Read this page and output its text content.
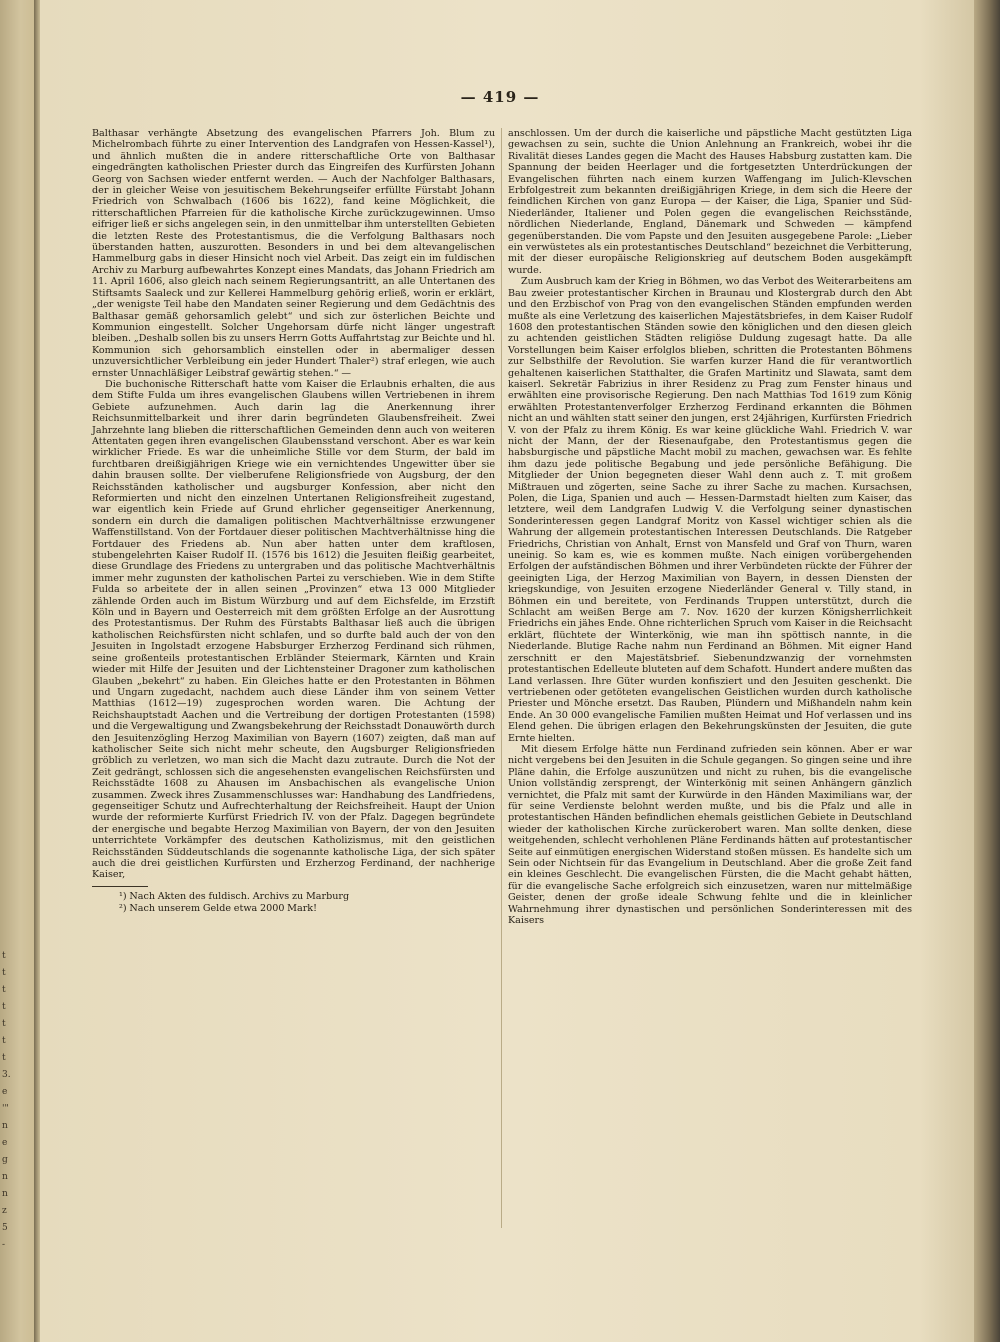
t
t
t
t
t
t
t
3.
e
'"
n
e
g
n
n
z
5
-
— 419 —

Balthasar verhängte Absetzung des evangelischen Pfarrers Joh. Blum zu Michelrombach führte zu einer Intervention des Landgrafen von Hessen-Kassel¹), und ähnlich mußten die in andere ritterschaftliche Orte von Balthasar eingedrängten katholischen Priester durch das Eingreifen des Kurfürsten Johann Georg von Sachsen wieder entfernt werden. — Auch der Nachfolger Balthasars, der in gleicher Weise von jesuitischem Bekehrungseifer erfüllte Fürstabt Johann Friedrich von Schwalbach (1606 bis 1622), fand keine Möglichkeit, die ritterschaftlichen Pfarreien für die katholische Kirche zurückzugewinnen. Umso eifriger ließ er sichs angelegen sein, in den unmittelbar ihm unterstellten Gebieten die letzten Reste des Protestantismus, die die Verfolgung Balthasars noch überstanden hatten, auszurotten. Besonders in und bei dem altevangelischen Hammelburg gabs in dieser Hinsicht noch viel Arbeit. Das zeigt ein im fuldischen Archiv zu Marburg aufbewahrtes Konzept eines Mandats, das Johann Friedrich am 11. April 1606, also gleich nach seinem Regierungsantritt, an alle Untertanen des Stiftsamts Saaleck und zur Kellerei Hammelburg gehörig erließ, worin er erklärt, „der wenigste Teil habe den Mandaten seiner Regierung und dem Gedächtnis des Balthasar gemäß gehorsamlich gelebt“ und sich zur österlichen Beichte und Kommunion eingestellt. Solcher Ungehorsam dürfe nicht länger ungestraft bleiben. „Deshalb sollen bis zu unsers Herrn Gotts Auffahrtstag zur Beichte und hl. Kommunion sich gehorsamblich einstellen oder in abermaliger dessen unzuversichtlicher Verbleibung ein jeder Hundert Thaler²) straf erlegen, wie auch ernster Unnachläßiger Leibstraf gewärtig stehen.“ —

Die buchonische Ritterschaft hatte vom Kaiser die Erlaubnis erhalten, die aus dem Stifte Fulda um ihres evangelischen Glaubens willen Vertriebenen in ihrem Gebiete aufzunehmen. Auch darin lag die Anerkennung ihrer Reichsunmittelbarkeit und ihrer darin begründeten Glaubensfreiheit. Zwei Jahrzehnte lang blieben die ritterschaftlichen Gemeinden denn auch von weiteren Attentaten gegen ihren evangelischen Glaubensstand verschont. Aber es war kein wirklicher Friede. Es war die unheimliche Stille vor dem Sturm, der bald im furchtbaren dreißigjährigen Kriege wie ein vernichtendes Ungewitter über sie dahin brausen sollte. Der vielberufene Religionsfriede von Augsburg, der den Reichsständen katholischer und augsburger Konfession, aber nicht den Reformierten und nicht den einzelnen Untertanen Religionsfreiheit zugestand, war eigentlich kein Friede auf Grund ehrlicher gegenseitiger Anerkennung, sondern ein durch die damaligen politischen Machtverhältnisse erzwungener Waffenstillstand. Von der Fortdauer dieser politischen Machtverhältnisse hing die Fortdauer des Friedens ab. Nun aber hatten unter dem kraftlosen, stubengelehrten Kaiser Rudolf II. (1576 bis 1612) die Jesuiten fleißig gearbeitet, diese Grundlage des Friedens zu untergraben und das politische Machtverhältnis immer mehr zugunsten der katholischen Partei zu verschieben. Wie in dem Stifte Fulda so arbeitete der in allen seinen „Provinzen“ etwa 13 000 Mitglieder zählende Orden auch im Bistum Würzburg und auf dem Eichsfelde, im Erzstift Köln und in Bayern und Oesterreich mit dem größten Erfolge an der Ausrottung des Protestantismus. Der Ruhm des Fürstabts Balthasar ließ auch die übrigen katholischen Reichsfürsten nicht schlafen, und so durfte bald auch der von den Jesuiten in Ingolstadt erzogene Habsburger Erzherzog Ferdinand sich rühmen, seine großenteils protestantischen Erbländer Steiermark, Kärnten und Krain wieder mit Hilfe der Jesuiten und der Lichtensteiner Dragoner zum katholischen Glauben „bekehrt“ zu haben. Ein Gleiches hatte er den Protestanten in Böhmen und Ungarn zugedacht, nachdem auch diese Länder ihm von seinem Vetter Matthias (1612—19) zugesprochen worden waren. Die Achtung der Reichshauptstadt Aachen und die Vertreibung der dortigen Protestanten (1598) und die Vergewaltigung und Zwangsbekehrung der Reichsstadt Donauwörth durch den Jesuitenzögling Herzog Maximilian von Bayern (1607) zeigten, daß man auf katholischer Seite sich nicht mehr scheute, den Augsburger Religionsfrieden gröblich zu verletzen, wo man sich die Macht dazu zutraute. Durch die Not der Zeit gedrängt, schlossen sich die angesehensten evangelischen Reichsfürsten und Reichsstädte 1608 zu Ahausen im Ansbachischen als evangelische Union zusammen. Zweck ihres Zusammenschlusses war: Handhabung des Landfriedens, gegenseitiger Schutz und Aufrechterhaltung der Reichsfreiheit. Haupt der Union wurde der reformierte Kurfürst Friedrich IV. von der Pfalz. Dagegen begründete der energische und begabte Herzog Maximilian von Bayern, der von den Jesuiten unterrichtete Vorkämpfer des deutschen Katholizismus, mit den geistlichen Reichsständen Süddeutschlands die sogenannte katholische Liga, der sich später auch die drei geistlichen Kurfürsten und Erzherzog Ferdinand, der nachherige Kaiser,

¹) Nach Akten des fuldisch. Archivs zu Marburg

²) Nach unserem Gelde etwa 2000 Mark!

anschlossen. Um der durch die kaiserliche und päpstliche Macht gestützten Liga gewachsen zu sein, suchte die Union Anlehnung an Frankreich, wobei ihr die Rivalität dieses Landes gegen die Macht des Hauses Habsburg zustatten kam. Die Spannung der beiden Heerlager und die fortgesetzten Unterdrückungen der Evangelischen führten nach einem kurzen Waffengang im Julich-Klevschen Erbfolgestreit zum bekannten dreißigjährigen Kriege, in dem sich die Heere der feindlichen Kirchen von ganz Europa — der Kaiser, die Liga, Spanier und Süd-Niederländer, Italiener und Polen gegen die evangelischen Reichsstände, nördlichen Niederlande, England, Dänemark und Schweden — kämpfend gegenüberstanden. Die vom Papste und den Jesuiten ausgegebene Parole: „Lieber ein verwüstetes als ein protestantisches Deutschland“ bezeichnet die Verbitterung, mit der dieser europäische Religionskrieg auf deutschem Boden ausgekämpft wurde.

Zum Ausbruch kam der Krieg in Böhmen, wo das Verbot des Weiterarbeitens am Bau zweier protestantischer Kirchen in Braunau und Klostergrab durch den Abt und den Erzbischof von Prag von den evangelischen Ständen empfunden werden mußte als eine Verletzung des kaiserlichen Majestätsbriefes, in dem Kaiser Rudolf 1608 den protestantischen Ständen sowie den königlichen und den diesen gleich zu achtenden geistlichen Städten religiöse Duldung zugesagt hatte. Da alle Vorstellungen beim Kaiser erfolglos blieben, schritten die Protestanten Böhmens zur Selbsthilfe der Revolution. Sie warfen kurzer Hand die für verantwortlich gehaltenen kaiserlichen Statthalter, die Grafen Martinitz und Slawata, samt dem kaiserl. Sekretär Fabrizius in ihrer Residenz zu Prag zum Fenster hinaus und erwählten eine provisorische Regierung. Den nach Matthias Tod 1619 zum König erwählten Protestantenverfolger Erzherzog Ferdinand erkannten die Böhmen nicht an und wählten statt seiner den jungen, erst 24jährigen, Kurfürsten Friedrich V. von der Pfalz zu ihrem König. Es war keine glückliche Wahl. Friedrich V. war nicht der Mann, der der Riesenaufgabe, den Protestantismus gegen die habsburgische und päpstliche Macht mobil zu machen, gewachsen war. Es fehlte ihm dazu jede politische Begabung und jede persönliche Befähigung. Die Mitglieder der Union begegneten dieser Wahl denn auch z. T. mit großem Mißtrauen und zögerten, seine Sache zu ihrer Sache zu machen. Kursachsen, Polen, die Liga, Spanien und auch — Hessen-Darmstadt hielten zum Kaiser, das letztere, weil dem Landgrafen Ludwig V. die Verfolgung seiner dynastischen Sonderinteressen gegen Landgraf Moritz von Kassel wichtiger schien als die Wahrung der allgemein protestantischen Interessen Deutschlands. Die Ratgeber Friedrichs, Christian von Anhalt, Ernst von Mansfeld und Graf von Thurn, waren uneinig. So kam es, wie es kommen mußte. Nach einigen vorübergehenden Erfolgen der aufständischen Böhmen und ihrer Verbündeten rückte der Führer der geeinigten Liga, der Herzog Maximilian von Bayern, in dessen Diensten der kriegskundige, von Jesuiten erzogene Niederländer General v. Tilly stand, in Böhmen ein und bereitete, von Ferdinands Truppen unterstützt, durch die Schlacht am weißen Berge am 7. Nov. 1620 der kurzen Königsherrlichkeit Friedrichs ein jähes Ende. Ohne richterlichen Spruch vom Kaiser in die Reichsacht erklärt, flüchtete der Winterkönig, wie man ihn spöttisch nannte, in die Niederlande. Blutige Rache nahm nun Ferdinand an Böhmen. Mit eigner Hand zerschnitt er den Majestätsbrief. Siebenundzwanzig der vornehmsten protestantischen Edelleute bluteten auf dem Schafott. Hundert andere mußten das Land verlassen. Ihre Güter wurden konfisziert und den Jesuiten geschenkt. Die vertriebenen oder getöteten evangelischen Geistlichen wurden durch katholische Priester und Mönche ersetzt. Das Rauben, Plündern und Mißhandeln nahm kein Ende. An 30 000 evangelische Familien mußten Heimat und Hof verlassen und ins Elend gehen. Die übrigen erlagen den Bekehrungskünsten der Jesuiten, die gute Ernte hielten.

Mit diesem Erfolge hätte nun Ferdinand zufrieden sein können. Aber er war nicht vergebens bei den Jesuiten in die Schule gegangen. So gingen seine und ihre Pläne dahin, die Erfolge auszunützen und nicht zu ruhen, bis die evangelische Union vollständig zersprengt, der Winterkönig mit seinen Anhängern gänzlich vernichtet, die Pfalz mit samt der Kurwürde in den Händen Maximilians war, der für seine Verdienste belohnt werden mußte, und bis die Pfalz und alle in protestantischen Händen befindlichen ehemals geistlichen Gebiete in Deutschland wieder der katholischen Kirche zurückerobert waren. Man sollte denken, diese weitgehenden, schlecht verhohlenen Pläne Ferdinands hätten auf protestantischer Seite auf einmütigen energischen Widerstand stoßen müssen. Es handelte sich um Sein oder Nichtsein für das Evangelium in Deutschland. Aber die große Zeit fand ein kleines Geschlecht. Die evangelischen Fürsten, die die Macht gehabt hätten, für die evangelische Sache erfolgreich sich einzusetzen, waren nur mittelmäßige Geister, denen der große ideale Schwung fehlte und die in kleinlicher Wahrnehmung ihrer dynastischen und persönlichen Sonderinteressen mit des Kaisers
